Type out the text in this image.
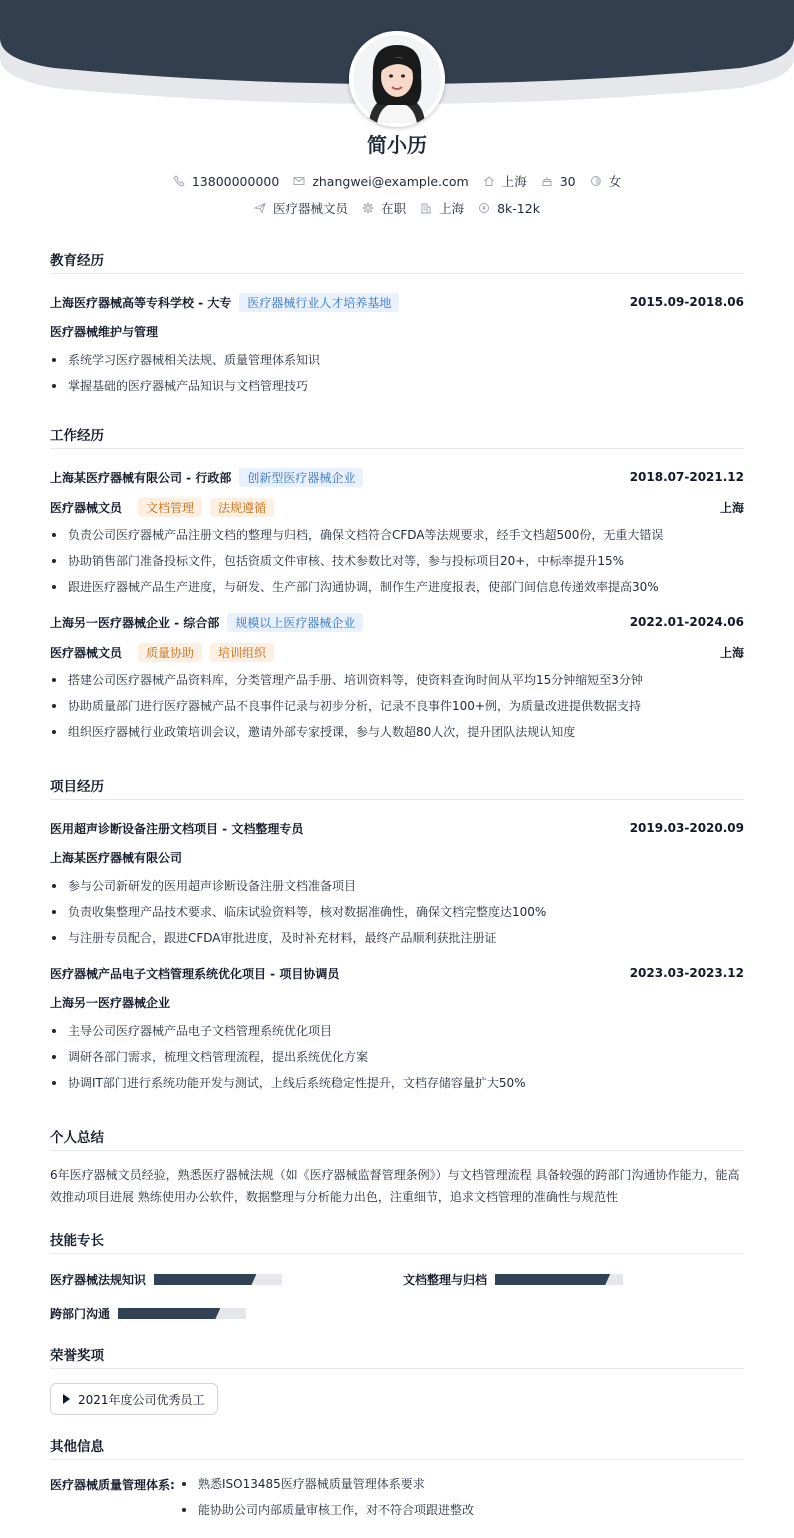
简小历
13800000000	zhangwei@example.com	上海	30	女
医疗器械文员	在职	上海	8k-12k
教育经历
上海医疗器械高等专科学校 - 大专	医疗器械行业人才培养基地	2015.09-2018.06
医疗器械维护与管理
系统学习医疗器械相关法规、质量管理体系知识
掌握基础的医疗器械产品知识与文档管理技巧
工作经历
上海某医疗器械有限公司 - 行政部	创新型医疗器械企业	2018.07-2021.12
医疗器械文员	文档管理	法规遵循	上海
负责公司医疗器械产品注册文档的整理与归档，确保文档符合CFDA等法规要求，经手文档超500份，无重大错误
协助销售部门准备投标文件，包括资质文件审核、技术参数比对等，参与投标项目20+，中标率提升15%
跟进医疗器械产品生产进度，与研发、生产部门沟通协调，制作生产进度报表，使部门间信息传递效率提高30%
上海另一医疗器械企业 - 综合部	规模以上医疗器械企业	2022.01-2024.06
医疗器械文员	质量协助	培训组织	上海
搭建公司医疗器械产品资料库，分类管理产品手册、培训资料等，使资料查询时间从平均15分钟缩短至3分钟
协助质量部门进行医疗器械产品不良事件记录与初步分析，记录不良事件100+例，为质量改进提供数据支持
组织医疗器械行业政策培训会议，邀请外部专家授课，参与人数超80人次，提升团队法规认知度
项目经历
医用超声诊断设备注册文档项目 - 文档整理专员	2019.03-2020.09
上海某医疗器械有限公司
参与公司新研发的医用超声诊断设备注册文档准备项目
负责收集整理产品技术要求、临床试验资料等，核对数据准确性，确保文档完整度达100%
与注册专员配合，跟进CFDA审批进度，及时补充材料，最终产品顺利获批注册证
医疗器械产品电子文档管理系统优化项目 - 项目协调员	2023.03-2023.12
上海另一医疗器械企业
主导公司医疗器械产品电子文档管理系统优化项目
调研各部门需求，梳理文档管理流程，提出系统优化方案
协调IT部门进行系统功能开发与测试，上线后系统稳定性提升，文档存储容量扩大50%
个人总结
6年医疗器械文员经验，熟悉医疗器械法规（如《医疗器械监督管理条例》）与文档管理流程 具备较强的跨部门沟通协作能力，能高效推动项目进展 熟练使用办公软件，数据整理与分析能力出色，注重细节，追求文档管理的准确性与规范性
技能专长
医疗器械法规知识	文档整理与归档
跨部门沟通
荣誉奖项
2021年度公司优秀员工
其他信息
医疗器械质量管理体系:	熟悉ISO13485医疗器械质量管理体系要求
能协助公司内部质量审核工作，对不符合项跟进整改
